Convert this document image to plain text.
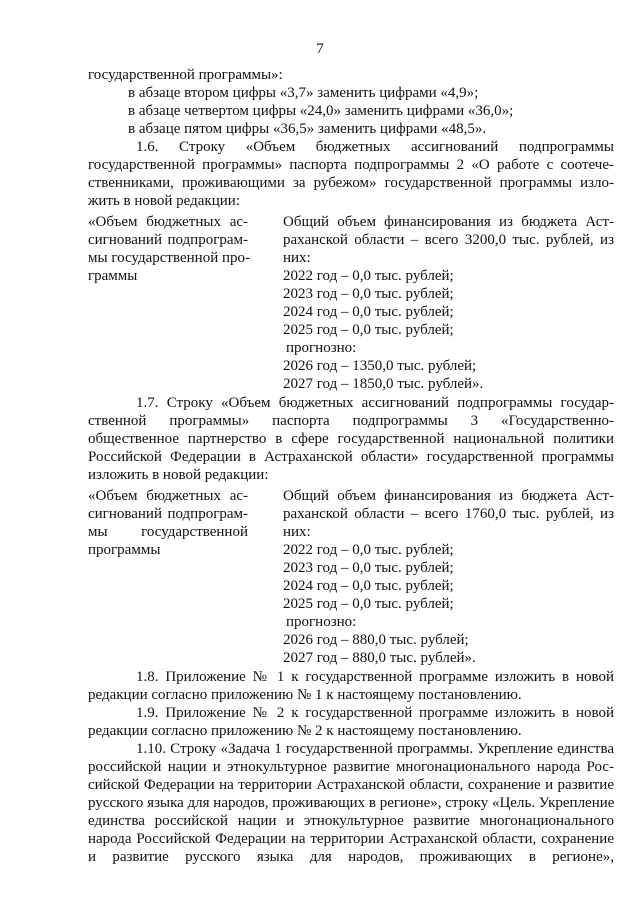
7
государственной программы»:
в абзаце втором цифры «3,7» заменить цифрами «4,9»;
в абзаце четвертом цифры «24,0» заменить цифрами «36,0»;
в абзаце пятом цифры «36,5» заменить цифрами «48,5».
1.6. Строку «Объем бюджетных ассигнований подпрограммы
государственной программы» паспорта подпрограммы 2 «О работе с соотече-
ственниками, проживающими за рубежом» государственной программы изло-
жить в новой редакции:
«Объем бюджетных ас-
сигнований подпрограм-
мы государственной про-
граммы
Общий объем финансирования из бюджета Аст-
раханской области – всего 3200,0 тыс. рублей, из
них:
2022 год – 0,0 тыс. рублей;
2023 год – 0,0 тыс. рублей;
2024 год – 0,0 тыс. рублей;
2025 год – 0,0 тыс. рублей;
прогнозно:
2026 год – 1350,0 тыс. рублей;
2027 год – 1850,0 тыс. рублей».
1.7. Строку «Объем бюджетных ассигнований подпрограммы государ-
ственной программы» паспорта подпрограммы 3 «Государственно-
общественное партнерство в сфере государственной национальной политики
Российской Федерации в Астраханской области» государственной программы
изложить в новой редакции:
«Объем бюджетных ас-
сигнований подпрограм-
мы государственной
программы
Общий объем финансирования из бюджета Аст-
раханской области – всего 1760,0 тыс. рублей, из
них:
2022 год – 0,0 тыс. рублей;
2023 год – 0,0 тыс. рублей;
2024 год – 0,0 тыс. рублей;
2025 год – 0,0 тыс. рублей;
прогнозно:
2026 год – 880,0 тыс. рублей;
2027 год – 880,0 тыс. рублей».
1.8. Приложение № 1 к государственной программе изложить в новой
редакции согласно приложению № 1 к настоящему постановлению.
1.9. Приложение № 2 к государственной программе изложить в новой
редакции согласно приложению № 2 к настоящему постановлению.
1.10. Строку «Задача 1 государственной программы. Укрепление единства
российской нации и этнокультурное развитие многонационального народа Рос-
сийской Федерации на территории Астраханской области, сохранение и развитие
русского языка для народов, проживающих в регионе», строку «Цель. Укрепление
единства российской нации и этнокультурное развитие многонационального
народа Российской Федерации на территории Астраханской области, сохранение
и развитие русского языка для народов, проживающих в регионе»,
